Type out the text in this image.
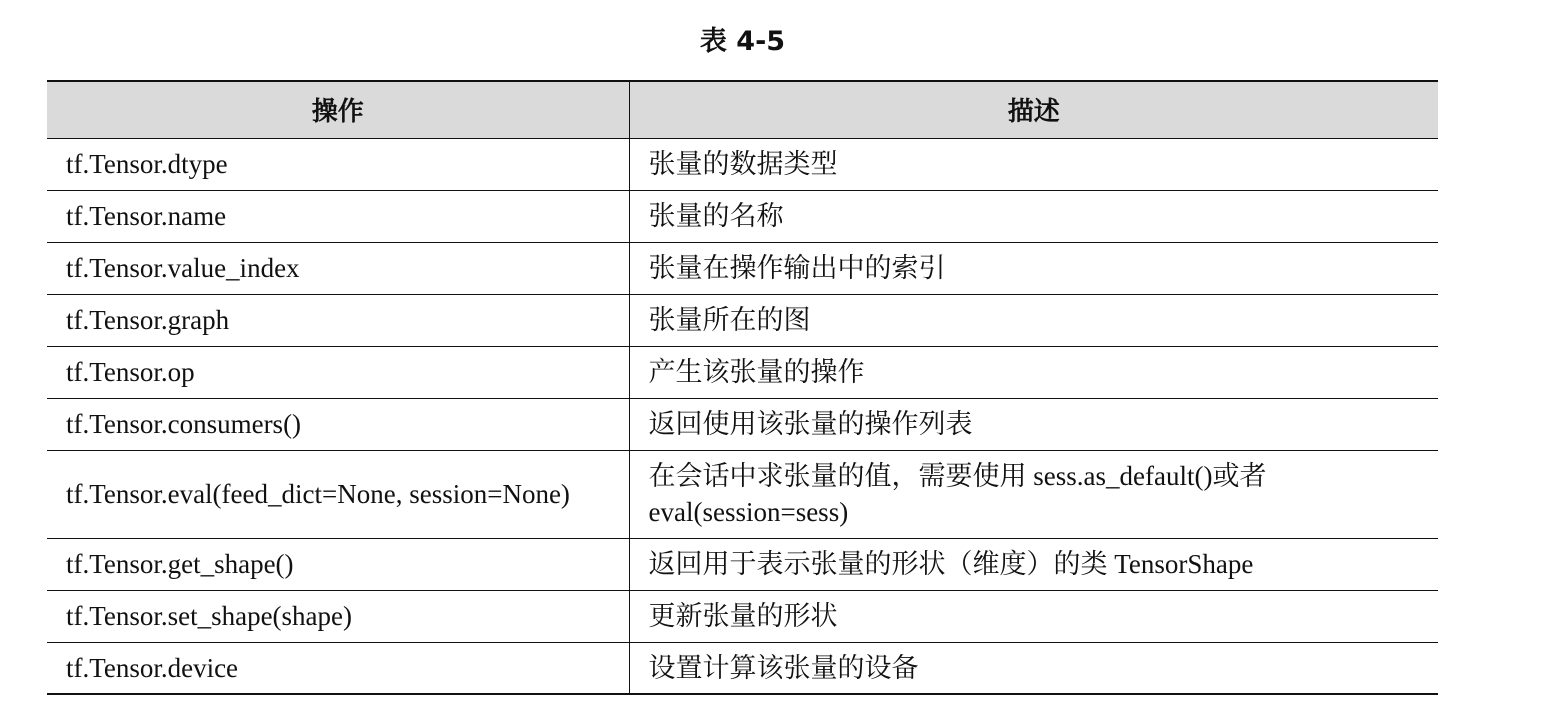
表 4-5
操作	描述
tf.Tensor.dtype	张量的数据类型
tf.Tensor.name	张量的名称
tf.Tensor.value_index	张量在操作输出中的索引
tf.Tensor.graph	张量所在的图
tf.Tensor.op	产生该张量的操作
tf.Tensor.consumers()	返回使用该张量的操作列表
tf.Tensor.eval(feed_dict=None, session=None)	在会话中求张量的值，需要使用 sess.as_default()或者 eval(session=sess)
tf.Tensor.get_shape()	返回用于表示张量的形状（维度）的类 TensorShape
tf.Tensor.set_shape(shape)	更新张量的形状
tf.Tensor.device	设置计算该张量的设备
